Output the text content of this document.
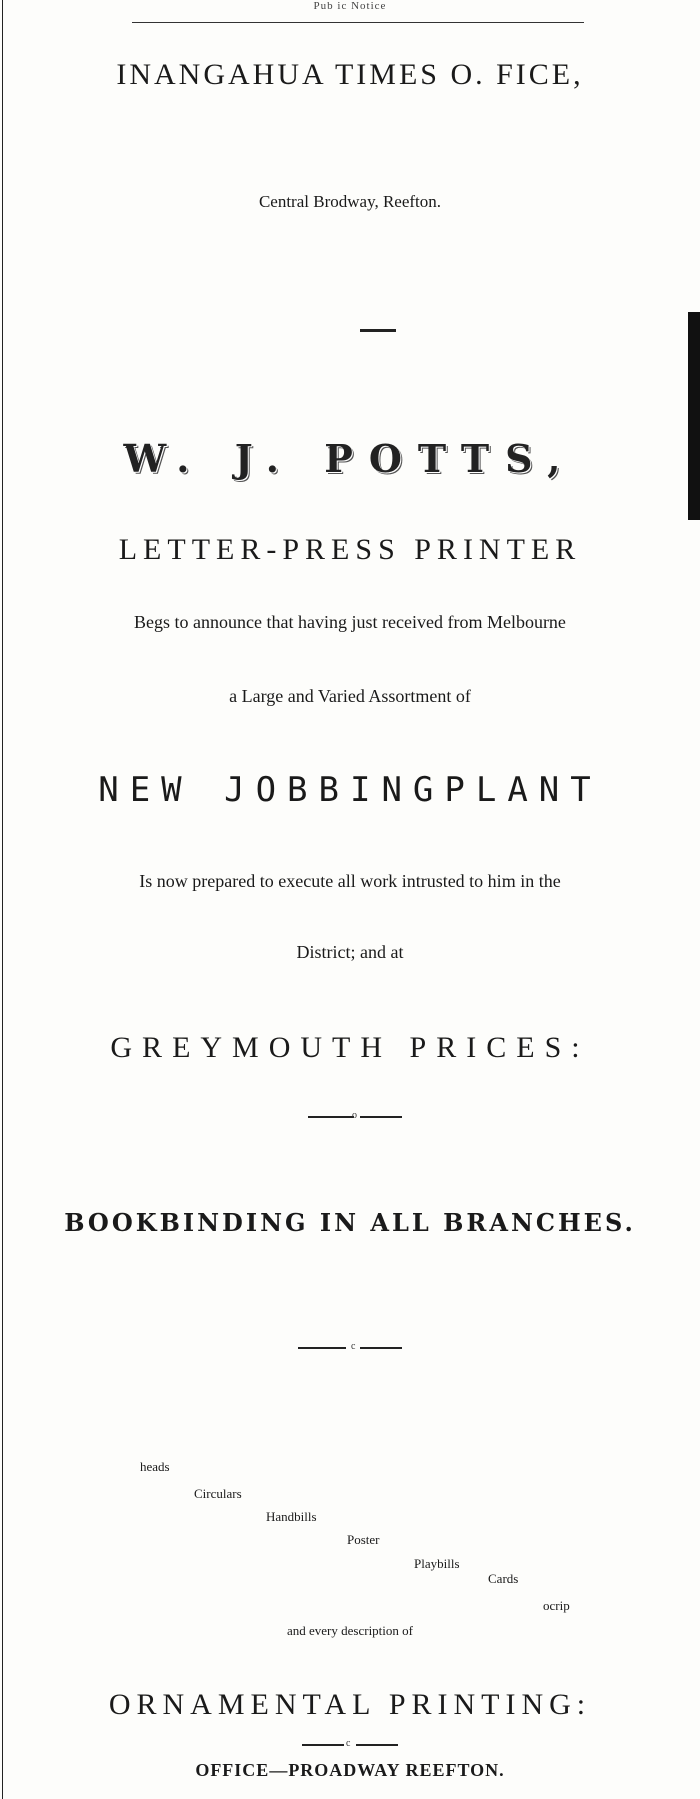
Pub ic Notice
INANGAHUA TIMES O. FICE,
Central Brodway, Reefton.
W. J. POTTS,
LETTER-PRESS PRINTER
Begs to announce that having just received from Melbourne
a Large and Varied Assortment of
NEW JOBBINGPLANT
Is now prepared to execute all work intrusted to him in the
District; and at
GREYMOUTH PRICES:
o
BOOKBINDING IN ALL BRANCHES.
c
heads
Circulars
Handbills
Poster
Playbills
Cards
ocrip
and every description of
ORNAMENTAL PRINTING:
c
OFFICE—PROADWAY REEFTON.
